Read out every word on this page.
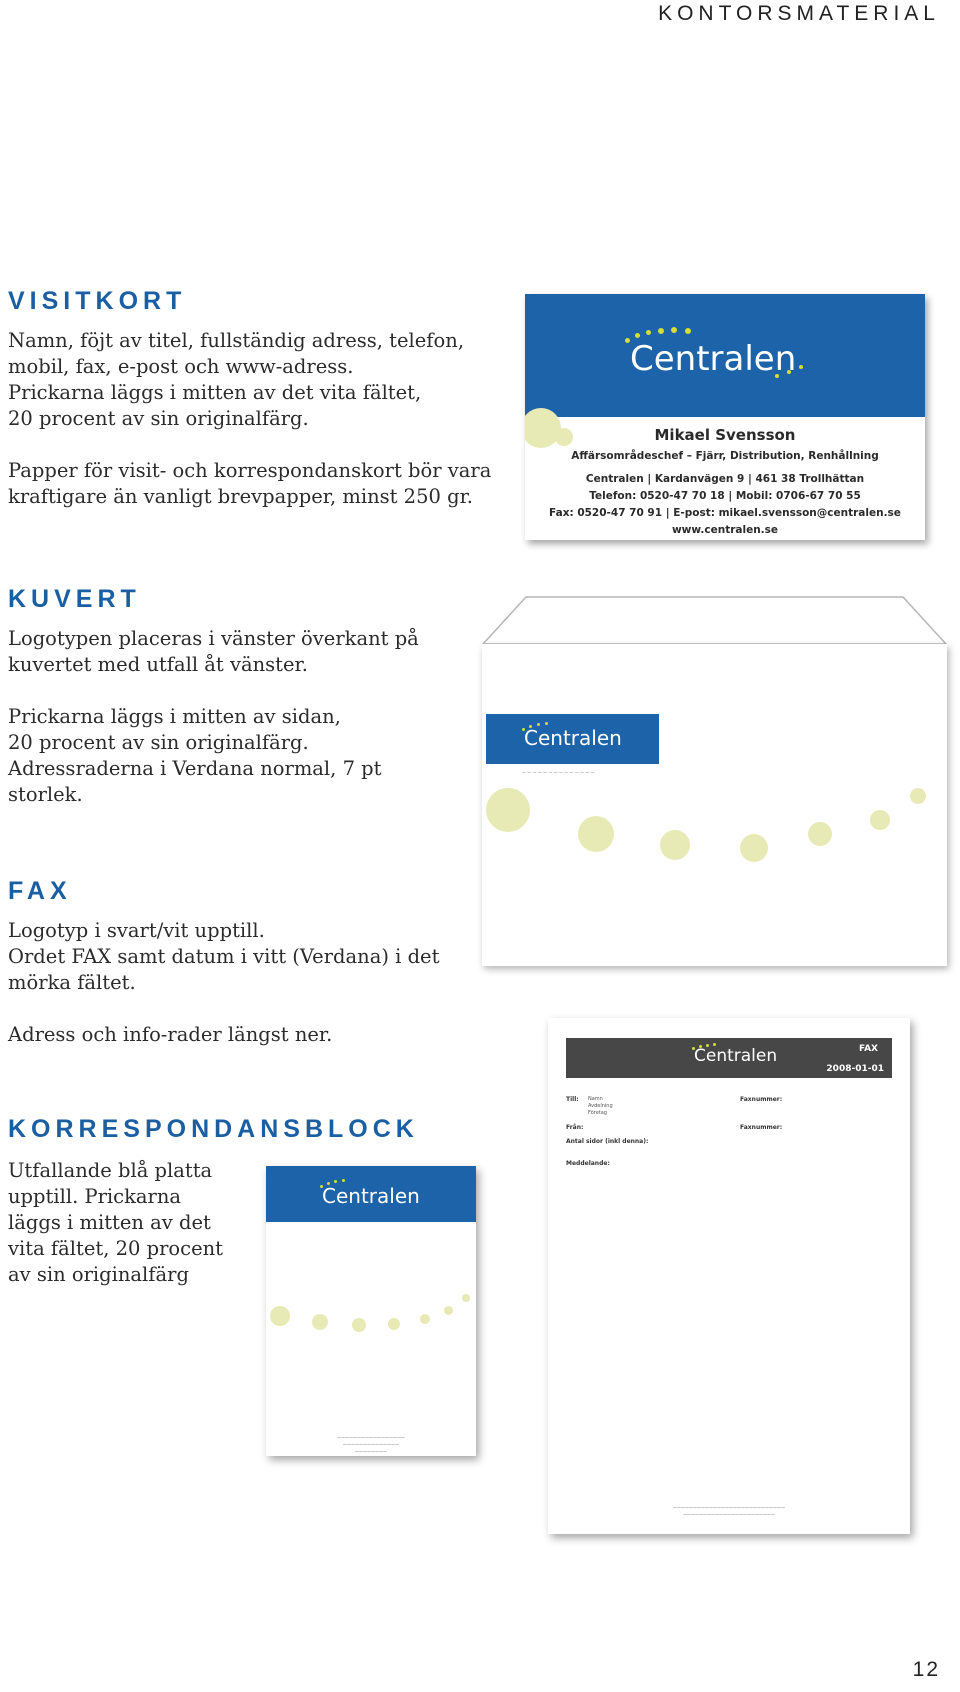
KONTORSMATERIAL
VISITKORT

Namn, föjt av titel, fullständig adress, telefon,

mobil, fax, e-post och www-adress.

Prickarna läggs i mitten av det vita fältet,

20 procent av sin originalfärg.

Papper för visit- och korrespondanskort bör vara

kraftigare än vanligt brevpapper, minst 250 gr.

Centralen
Mikael Svensson
Affärsområdeschef – Fjärr, Distribution, Renhållning
Centralen | Kardanvägen 9 | 461 38 Trollhättan
Telefon: 0520-47 70 18 | Mobil: 0706-67 70 55
Fax: 0520-47 70 91 | E-post: mikael.svensson@centralen.se
www.centralen.se
KUVERT

Logotypen placeras i vänster överkant på

kuvertet med utfall åt vänster.

Prickarna läggs i mitten av sidan,

20 procent av sin originalfärg.

Adressraderna i Verdana normal, 7 pt

storlek.

Centralen
— — — — — — — — — — — — — —
FAX

Logotyp i svart/vit upptill.

Ordet FAX samt datum i vitt (Verdana) i det

mörka fältet.

Adress och info-rader längst ner.

Centralen	FAX
2008-01-01
Till: Namn
Avdelning
Företag
Faxnummer:
Från:	Faxnummer:
Antal sidor (inkl denna):
Meddelande:
————————————————————————————
———————————————————————
KORRESPONDANSBLOCK

Utfallande blå platta

upptill. Prickarna

läggs i mitten av det

vita fältet, 20 procent

av sin originalfärg

Centralen
—————————————————
——————————————
————————
12
